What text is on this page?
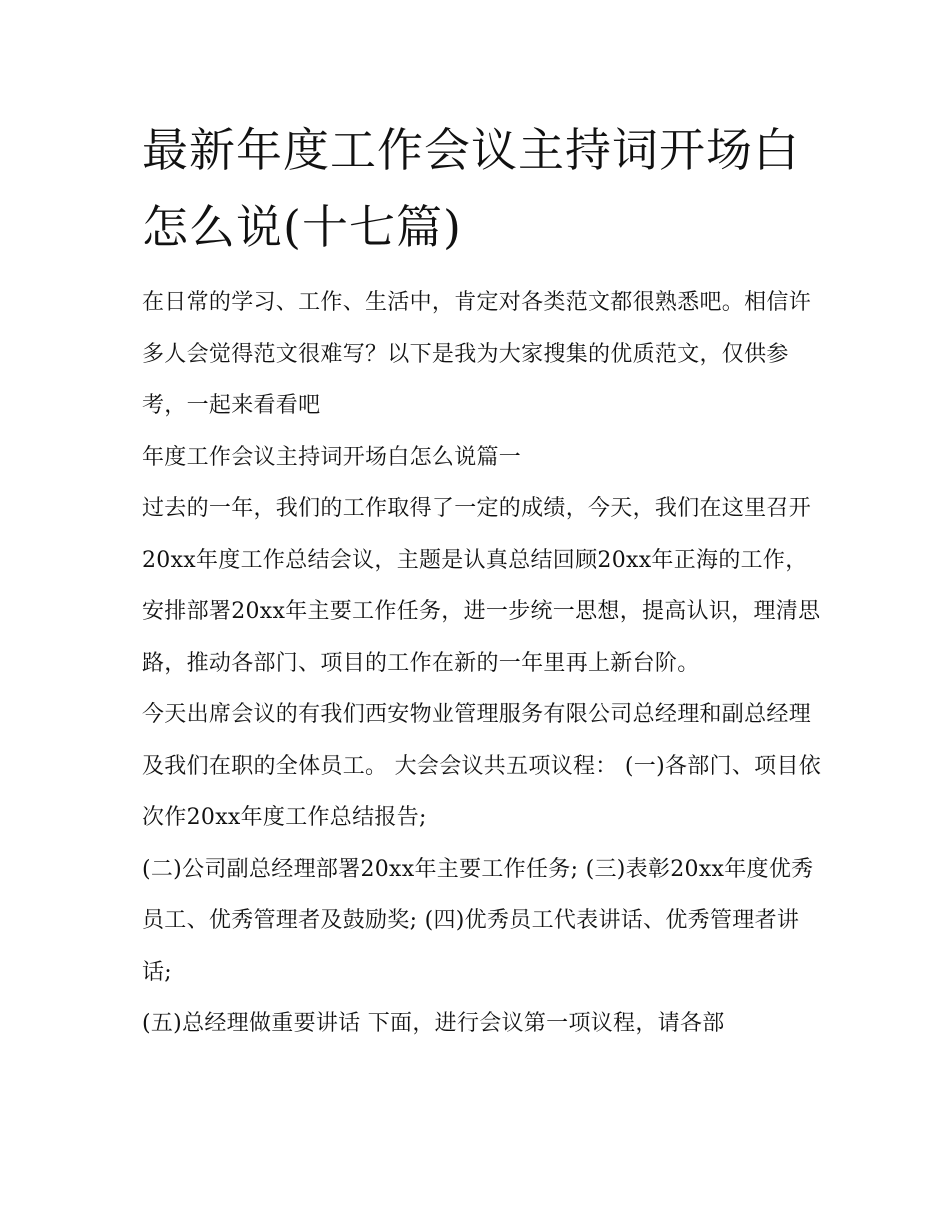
最新年度工作会议主持词开场白怎么说(十七篇)

在日常的学习、工作、生活中，肯定对各类范文都很熟悉吧。相信许多人会觉得范文很难写？以下是我为大家搜集的优质范文，仅供参考，一起来看看吧

年度工作会议主持词开场白怎么说篇一

过去的一年，我们的工作取得了一定的成绩，今天，我们在这里召开20xx年度工作总结会议，主题是认真总结回顾20xx年正海的工作，安排部署20xx年主要工作任务，进一步统一思想，提高认识，理清思路，推动各部门、项目的工作在新的一年里再上新台阶。

今天出席会议的有我们西安物业管理服务有限公司总经理和副总经理及我们在职的全体员工。 大会会议共五项议程： (一)各部门、项目依次作20xx年度工作总结报告;

(二)公司副总经理部署20xx年主要工作任务; (三)表彰20xx年度优秀员工、优秀管理者及鼓励奖; (四)优秀员工代表讲话、优秀管理者讲话;

(五)总经理做重要讲话 下面，进行会议第一项议程，请各部
